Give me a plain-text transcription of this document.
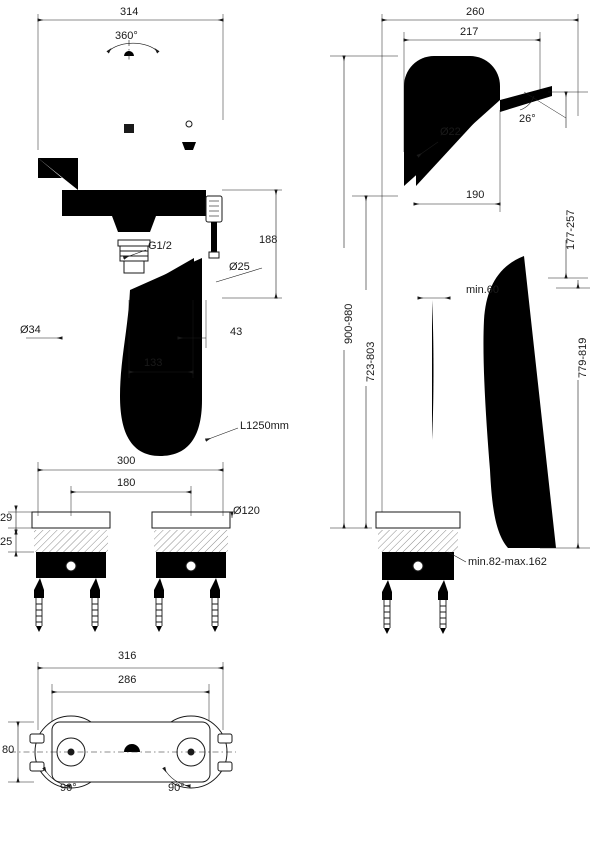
314
360°
188
G1/2
Ø25
Ø34	43
133
L1250mm
300
180
Ø120
29
25
260
217
Ø22
26°
190
177-257
900-980
723-803	779-819
min.60
min.82-max.162
316
286
80
90°	90°
